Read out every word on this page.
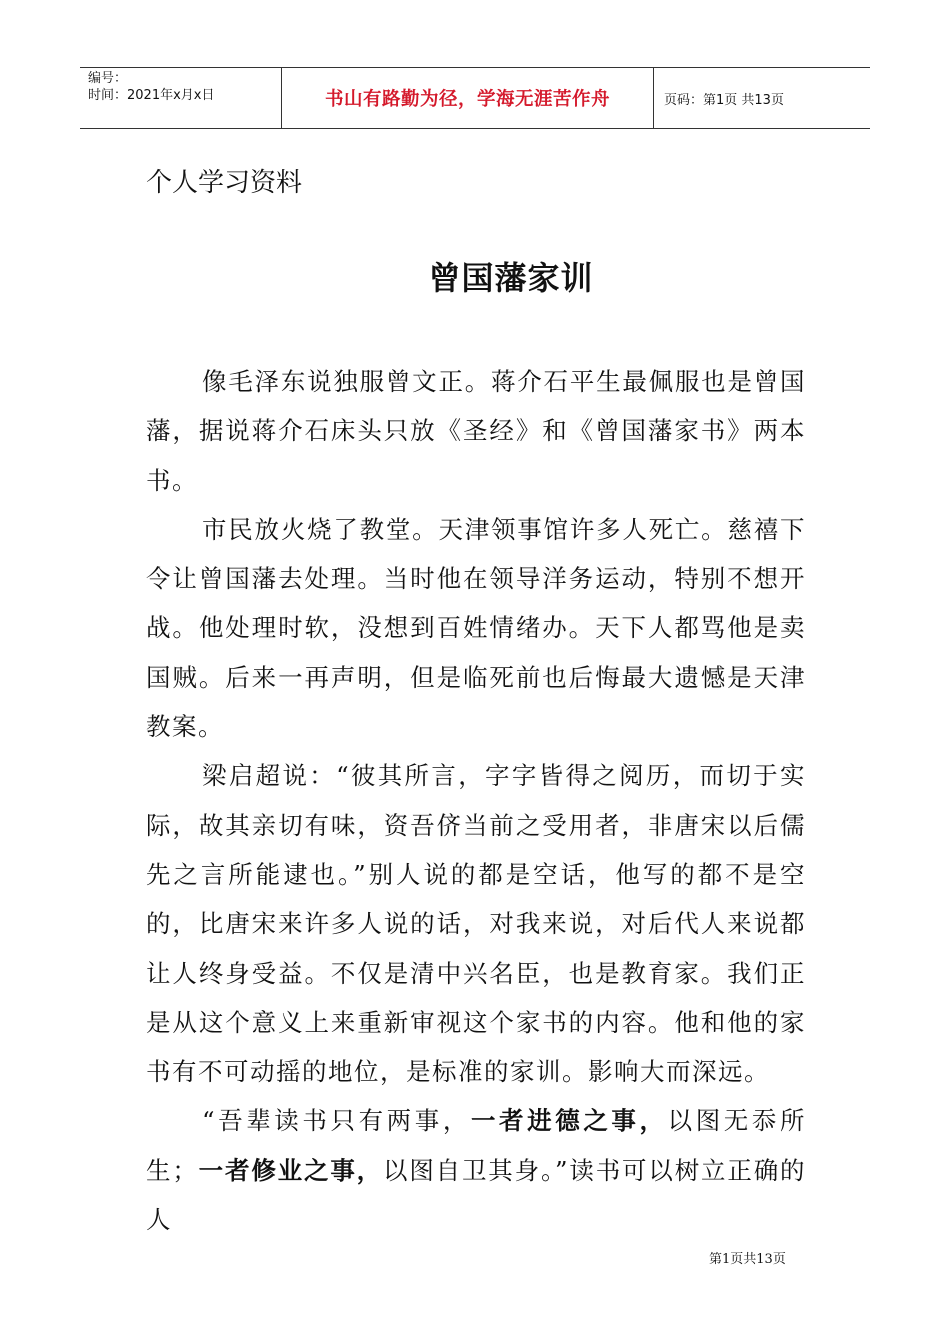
编号：
时间：2021年x月x日	书山有路勤为径，学海无涯苦作舟	页码：第1页 共13页
个人学习资料
曾国藩家训

像毛泽东说独服曾文正。蒋介石平生最佩服也是曾国藩，据说蒋介石床头只放《圣经》和《曾国藩家书》两本书。

市民放火烧了教堂。天津领事馆许多人死亡。慈禧下令让曾国藩去处理。当时他在领导洋务运动，特别不想开战。他处理时软，没想到百姓情绪办。天下人都骂他是卖国贼。后来一再声明，但是临死前也后悔最大遗憾是天津教案。

梁启超说：“彼其所言，字字皆得之阅历，而切于实际，故其亲切有味，资吾侪当前之受用者，非唐宋以后儒先之言所能逮也。”别人说的都是空话，他写的都不是空的，比唐宋来许多人说的话，对我来说，对后代人来说都让人终身受益。不仅是清中兴名臣，也是教育家。我们正是从这个意义上来重新审视这个家书的内容。他和他的家书有不可动摇的地位，是标准的家训。影响大而深远。

“吾辈读书只有两事，一者进德之事，以图无忝所生；一者修业之事，以图自卫其身。”读书可以树立正确的人

第1页共13页
